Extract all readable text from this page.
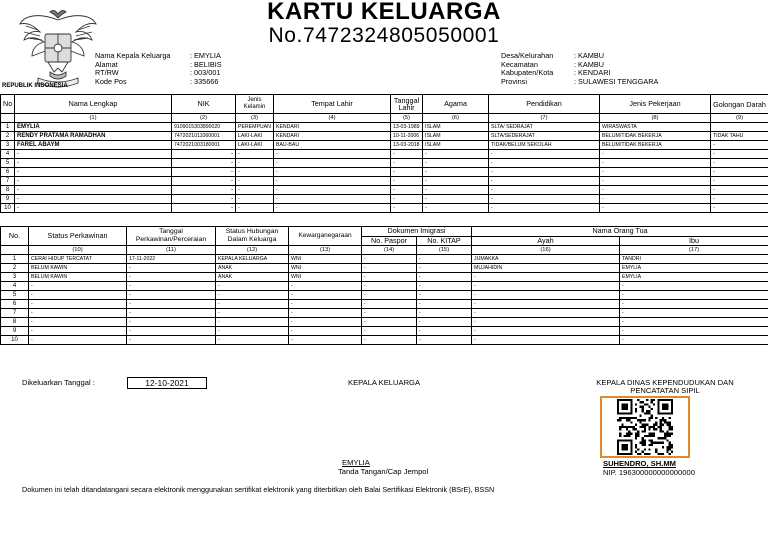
REPUBLIK INDONESIA
KARTU KELUARGA
No.7472324805050001
Nama Kepala Keluarga	: EMYLIA
Alamat	: BELIBIS
RT/RW	: 003/001
Kode Pos	: 335666
Desa/Kelurahan	: KAMBU
Kecamatan	: KAMBU
Kabupaten/Kota	: KENDARI
Provinsi	: SULAWESI TENGGARA
No	Nama Lengkap	NIK	Jenis Kelamin	Tempat Lahir	Tanggal Lahir	Agama	Pendidikan	Jenis Pekerjaan	Golongan Darah
	(1)	(2)	(3)	(4)	(5)	(6)	(7)	(8)	(9)
1	EMYLIA	9109015303890020	PEREMPUAN	KENDARI	13-03-1989	ISLAM	SLTA/ SEDRAJAT	WIRASWASTA	
2	RENDY PRATAMA RAMADHAN	7472021011060001	LAKI-LAKI	KENDARI	10-11-2006	ISLAM	SLTA/SEDERAJAT	BELUM/TIDAK BEKERJA	TIDAK TAHU
3	FAREL ABAYM	7472021003180001	LAKI-LAKI	BAU-BAU	13-03-2018	ISLAM	TIDAK/BELUM SEKOLAH	BELUM/TIDAK BEKERJA	-
4	-	-	-	-	-	-	-	-	-
5	-	-	-	-	-	-	-	-	-
6	-	-	-	-	-	-	-	-	-
7	-	-	-	-	-	-	-	-	-
8	-	-	-	-	-	-	-	-	-
9	-	-	-	-	-	-	-	-	-
10	-	-	-	-	-	-	-	-	-
No.	Status Perkawinan	Tanggal Perkawinan/Perceraian	Status Hubungan Dalam Keluarga	Kewarganegaraan	Dokumen Imigrasi		Nama Orang Tua	
					No. Paspor	No. KITAP	Ayah	Ibu
	(10)	(11)	(12)	(13)	(14)	(15)	(16)	(17)
1	CERAI HIDUP TERCATAT	17-11-2022	KEPALA KELUARGA	WNI	-	-	JUMAKKA	TANDRI
2	BELUM KAWIN	-	ANAK	WNI	-	-	MUJAHIDIN	EMYLIA
3	BELUM KAWIN	-	ANAK	WNI	-	-	-	EMYLIA
4	-	-	-	-	-	-	-	-
5	-	-	-	-	-	-	-	-
6	-	-	-	-	-	-	-	-
7	-	-	-	-	-	-	-	-
8	-	-	-	-	-	-	-	-
9	-	-	-	-	-	-	-	-
10	-	-	-	-	-	-	-	-
Dikeluarkan Tanggal :	12-10-2021	KEPALA KELUARGA
EMYLIA
Tanda Tangan/Cap Jempol
KEPALA DINAS KEPENDUDUKAN DAN
PENCATATAN SIPIL
SUHENDRO, SH.MM
NIP. 196300000000000000
Dokumen ini telah ditandatangani secara elektronik menggunakan sertifikat elektronik yang diterbitkan oleh Balai Sertifikasi Elektronik (BSrE), BSSN
